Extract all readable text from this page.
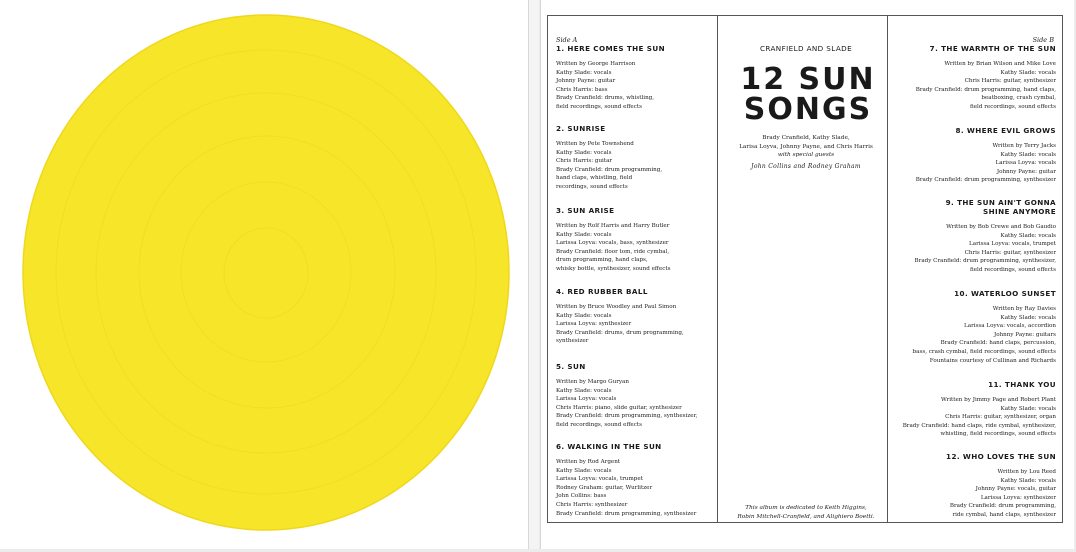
Side A
1. HERE COMES THE SUN
Written by George Harrison
Kathy Slade: vocals
Johnny Payne: guitar
Chris Harris: bass
Brady Cranfield: drums, whistling,
field recordings, sound effects
2. SUNRISE
Written by Pete Townshend
Kathy Slade: vocals
Chris Harris: guitar
Brady Cranfield: drum programming,
hand claps, whistling, field
recordings, sound effects
3. SUN ARISE
Written by Rolf Harris and Harry Butler
Kathy Slade: vocals
Larissa Loyva: vocals, bass, synthesizer
Brady Cranfield: floor tom, ride cymbal,
drum programming, hand claps,
whisky bottle, synthesizer, sound effects
4. RED RUBBER BALL
Written by Bruce Woodley and Paul Simon
Kathy Slade: vocals
Larissa Loyva: synthesizer
Brady Cranfield: drums, drum programming,
synthesizer
5. SUN
Written by Margo Guryan
Kathy Slade: vocals
Larissa Loyva: vocals
Chris Harris: piano, slide guitar, synthesizer
Brady Cranfield: drum programming, synthesizer,
field recordings, sound effects
6. WALKING IN THE SUN
Written by Rod Argent
Kathy Slade: vocals
Larissa Loyva: vocals, trumpet
Rodney Graham: guitar, Wurlitzer
John Collins: bass
Chris Harris: synthesizer
Brady Cranfield: drum programming, synthesizer
CRANFIELD AND SLADE
12 SUN
SONGS
Brady Cranfield, Kathy Slade,
Larisa Loyva, Johnny Payne, and Chris Harris
with special guests
John Collins and Rodney Graham
This album is dedicated to Keith Higgins,
Robin Mitchell-Cranfield, and Alighiero Boetti.
Side B
7. THE WARMTH OF THE SUN
Written by Brian Wilson and Mike Love
Kathy Slade: vocals
Chris Harris: guitar, synthesizer
Brady Cranfield: drum programming, hand claps,
beatboxing, crash cymbal,
field recordings, sound effects
8. WHERE EVIL GROWS
Written by Terry Jacks
Kathy Slade: vocals
Larissa Loyva: vocals
Johnny Payne: guitar
Brady Cranfield: drum programming, synthesizer
9. THE SUN AIN'T GONNA
SHINE ANYMORE
Written by Bob Crewe and Bob Gaudio
Kathy Slade: vocals
Larissa Loyva: vocals, trumpet
Chris Harris: guitar, synthesizer
Brady Cranfield: drum programming, synthesizer,
field recordings, sound effects
10. WATERLOO SUNSET
Written by Ray Davies
Kathy Slade: vocals
Larissa Loyva: vocals, accordion
Johnny Payne: guitars
Brady Cranfield: hand claps, percussion,
bass, crash cymbal, field recordings, sound effects
Fountains courtesy of Cullinan and Richards
11. THANK YOU
Written by Jimmy Page and Robert Plant
Kathy Slade: vocals
Chris Harris: guitar, synthesizer, organ
Brady Cranfield: hand claps, ride cymbal, synthesizer,
whistling, field recordings, sound effects
12. WHO LOVES THE SUN
Written by Lou Reed
Kathy Slade: vocals
Johnny Payne: vocals, guitar
Larissa Loyva: synthesizer
Brady Cranfield: drum programming,
ride cymbal, hand claps, synthesizer
